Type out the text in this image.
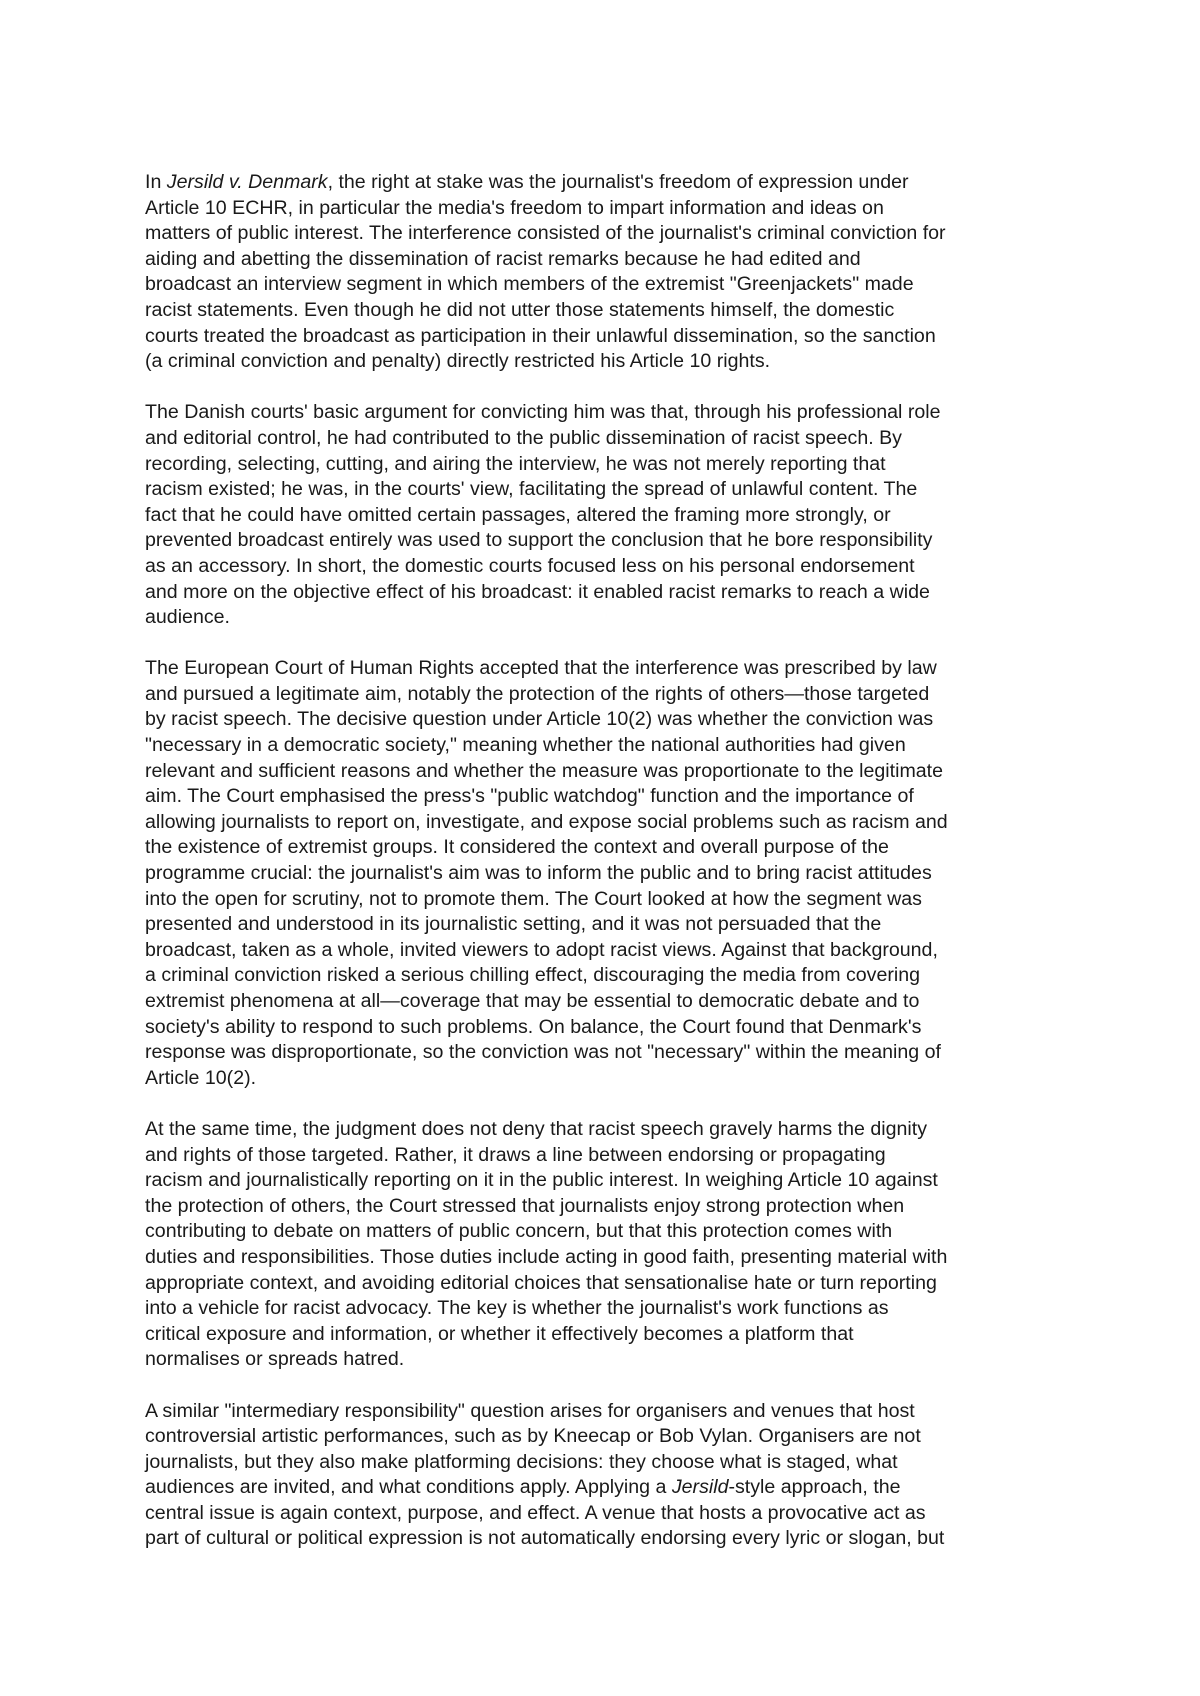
In Jersild v. Denmark, the right at stake was the journalist's freedom of expression under
Article 10 ECHR, in particular the media's freedom to impart information and ideas on
matters of public interest. The interference consisted of the journalist's criminal conviction for
aiding and abetting the dissemination of racist remarks because he had edited and
broadcast an interview segment in which members of the extremist "Greenjackets" made
racist statements. Even though he did not utter those statements himself, the domestic
courts treated the broadcast as participation in their unlawful dissemination, so the sanction
(a criminal conviction and penalty) directly restricted his Article 10 rights.

The Danish courts' basic argument for convicting him was that, through his professional role
and editorial control, he had contributed to the public dissemination of racist speech. By
recording, selecting, cutting, and airing the interview, he was not merely reporting that
racism existed; he was, in the courts' view, facilitating the spread of unlawful content. The
fact that he could have omitted certain passages, altered the framing more strongly, or
prevented broadcast entirely was used to support the conclusion that he bore responsibility
as an accessory. In short, the domestic courts focused less on his personal endorsement
and more on the objective effect of his broadcast: it enabled racist remarks to reach a wide
audience.

The European Court of Human Rights accepted that the interference was prescribed by law
and pursued a legitimate aim, notably the protection of the rights of others—those targeted
by racist speech. The decisive question under Article 10(2) was whether the conviction was
"necessary in a democratic society," meaning whether the national authorities had given
relevant and sufficient reasons and whether the measure was proportionate to the legitimate
aim. The Court emphasised the press's "public watchdog" function and the importance of
allowing journalists to report on, investigate, and expose social problems such as racism and
the existence of extremist groups. It considered the context and overall purpose of the
programme crucial: the journalist's aim was to inform the public and to bring racist attitudes
into the open for scrutiny, not to promote them. The Court looked at how the segment was
presented and understood in its journalistic setting, and it was not persuaded that the
broadcast, taken as a whole, invited viewers to adopt racist views. Against that background,
a criminal conviction risked a serious chilling effect, discouraging the media from covering
extremist phenomena at all—coverage that may be essential to democratic debate and to
society's ability to respond to such problems. On balance, the Court found that Denmark's
response was disproportionate, so the conviction was not "necessary" within the meaning of
Article 10(2).

At the same time, the judgment does not deny that racist speech gravely harms the dignity
and rights of those targeted. Rather, it draws a line between endorsing or propagating
racism and journalistically reporting on it in the public interest. In weighing Article 10 against
the protection of others, the Court stressed that journalists enjoy strong protection when
contributing to debate on matters of public concern, but that this protection comes with
duties and responsibilities. Those duties include acting in good faith, presenting material with
appropriate context, and avoiding editorial choices that sensationalise hate or turn reporting
into a vehicle for racist advocacy. The key is whether the journalist's work functions as
critical exposure and information, or whether it effectively becomes a platform that
normalises or spreads hatred.

A similar "intermediary responsibility" question arises for organisers and venues that host
controversial artistic performances, such as by Kneecap or Bob Vylan. Organisers are not
journalists, but they also make platforming decisions: they choose what is staged, what
audiences are invited, and what conditions apply. Applying a Jersild-style approach, the
central issue is again context, purpose, and effect. A venue that hosts a provocative act as
part of cultural or political expression is not automatically endorsing every lyric or slogan, but
